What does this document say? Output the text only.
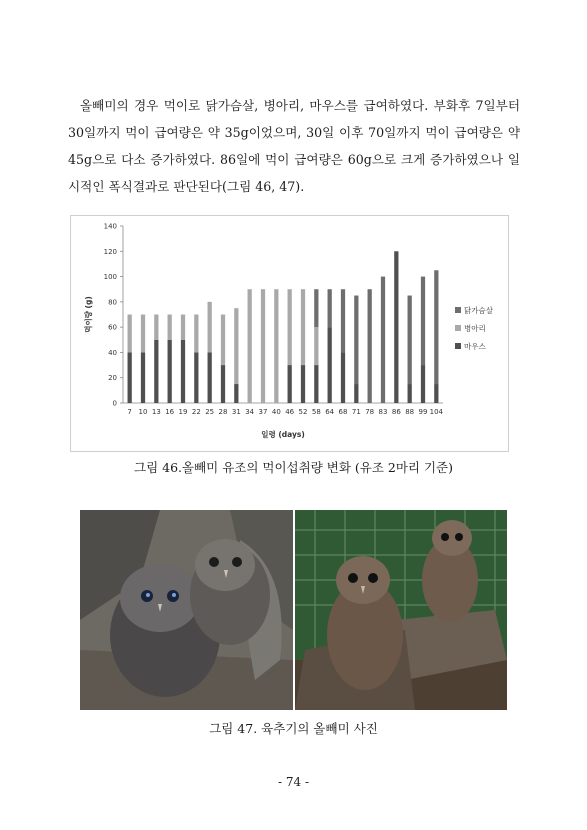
올빼미의 경우 먹이로 닭가슴살, 병아리, 마우스를 급여하였다. 부화후 7일부터 30일까지 먹이 급여량은 약 35g이었으며, 30일 이후 70일까지 먹이 급여량은 약 45g으로 다소 증가하였다. 86일에 먹이 급여량은 60g으로 크게 증가하였으나 일시적인 폭식결과로 판단된다(그림 46, 47).

0
20
40
60
80
100
120
140
7 10 13 16 19 22 25 28 31 34 37 40 46 52 58 64 68 71 78 83 86 88 99 104
일령 (days)
먹이량 (g)	닭가슴살
병아리
마우스
그림 46.올빼미 유조의 먹이섭취량 변화 (유조 2마리 기준)
그림 47. 육추기의 올빼미 사진
- 74 -
